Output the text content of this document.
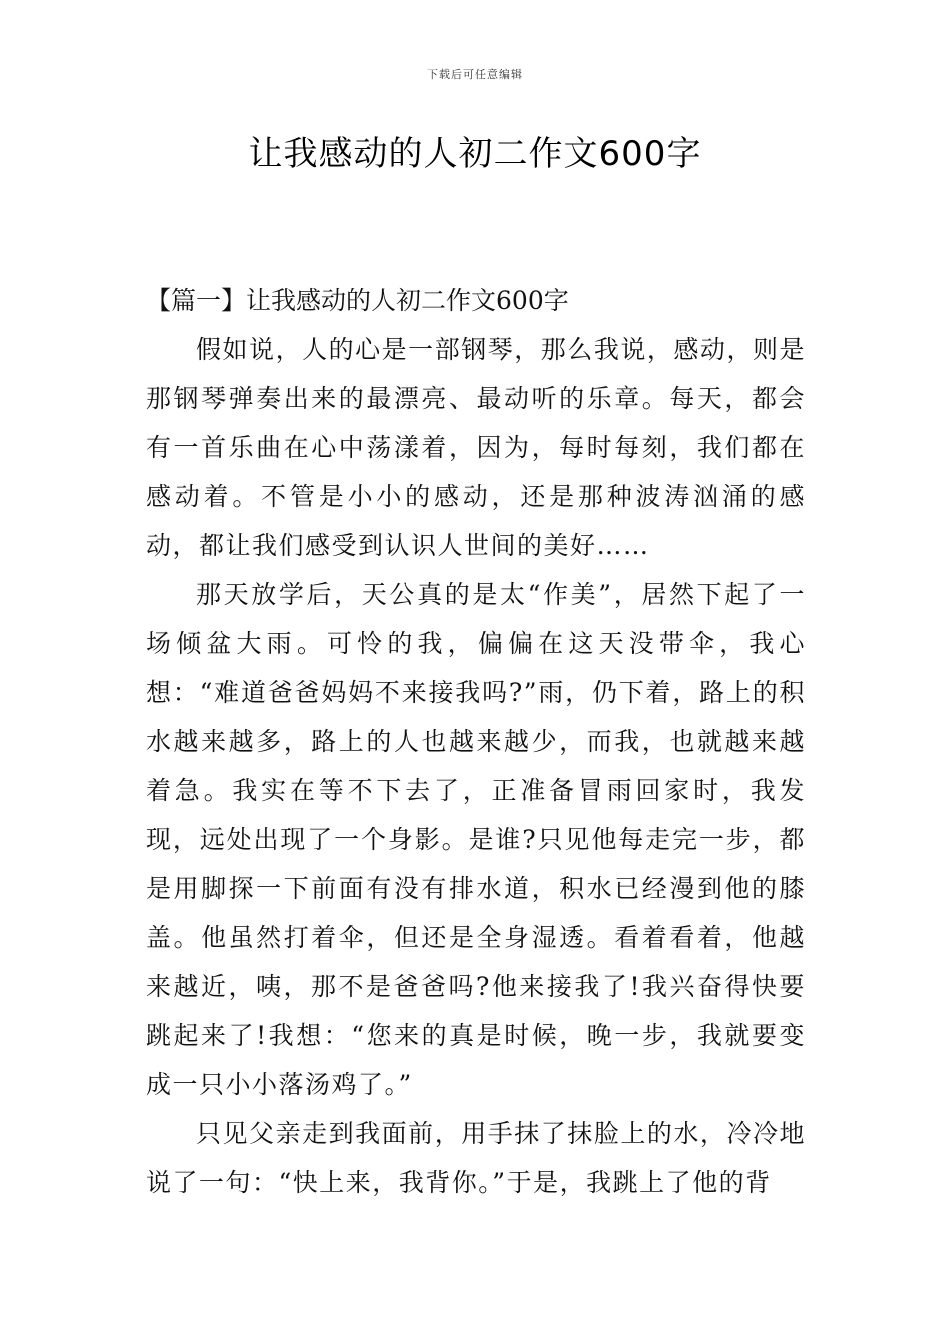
下载后可任意编辑
让我感动的人初二作文600字

【篇一】让我感动的人初二作文600字

假如说，人的心是一部钢琴，那么我说，感动，则是那钢琴弹奏出来的最漂亮、最动听的乐章。每天，都会有一首乐曲在心中荡漾着，因为，每时每刻，我们都在感动着。不管是小小的感动，还是那种波涛汹涌的感动，都让我们感受到认识人世间的美好……

那天放学后，天公真的是太“作美”，居然下起了一场倾盆大雨。可怜的我，偏偏在这天没带伞，我心想：“难道爸爸妈妈不来接我吗?”雨，仍下着，路上的积水越来越多，路上的人也越来越少，而我，也就越来越着急。我实在等不下去了，正准备冒雨回家时，我发现，远处出现了一个身影。是谁?只见他每走完一步，都是用脚探一下前面有没有排水道，积水已经漫到他的膝盖。他虽然打着伞，但还是全身湿透。看着看着，他越来越近，咦，那不是爸爸吗?他来接我了!我兴奋得快要跳起来了!我想：“您来的真是时候，晚一步，我就要变成一只小小落汤鸡了。”

只见父亲走到我面前，用手抹了抹脸上的水，冷冷地说了一句：“快上来，我背你。”于是，我跳上了他的背
